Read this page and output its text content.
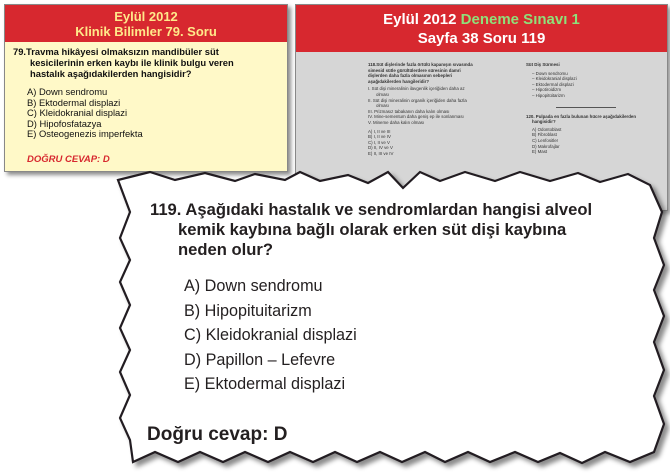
Eylül 2012
Klinik Bilimler 79. Soru
79.Travma hikâyesi olmaksızın mandibüler süt
kesicilerinin erken kaybı ile klinik bulgu veren
hastalık aşağıdakilerden hangisidir?
A) Down sendromu
B) Ektodermal displazi
C) Kleidokranial displazi
D) Hipofosfatazya
E) Osteogenezis imperfekta
DOĞRU CEVAP: D
Eylül 2012 Deneme Sınavı 1
Sayfa 38 Soru 119
118.Süt dişlerinde fazla örtülü kapanışın sıvasında
simesid sütle gürültülerdere süresinin damri
dişlerden daha fazla olmasının sebepleri
aşağıdakilerden hangileridir?
I. Süt dişi mineralinin ilavgenlik içeriğiden daha az
olması
II. Süt dişi mineralinin organik içeriğiden daha fazla
olması
III. Prizmasız tabakanın daha kalın olması
IV. Mine-sementum daha geniş ep ile sonlanması
V. Mineme daha kalın olması
A) I, II ve III
B) I, II ve IV
C) I, II ve V
D) II, IV ve V
E) II, III ve IV
Süt Diş Sürmesi
– Down sendromu
– Kleidokranial displazi
– Ektodermal displazi
– Hipotiroidizm
– Hipopitüitarizm
120. Pulpada en fazla bulunan hücre aşağıdakilerden
hangisidir?
A) Odontoblast
B) Fibroblast
C) Lenfositler
D) Makrofajlar
E) Mast

119. Aşağıdaki hastalık ve sendromlardan hangisi alveol
kemik kaybına bağlı olarak erken süt dişi kaybına
neden olur?

A) Down sendromu
B) Hipopituitarizm
C) Kleidokranial displazi
D) Papillon – Lefevre
E) Ektodermal displazi
Doğru cevap: D
